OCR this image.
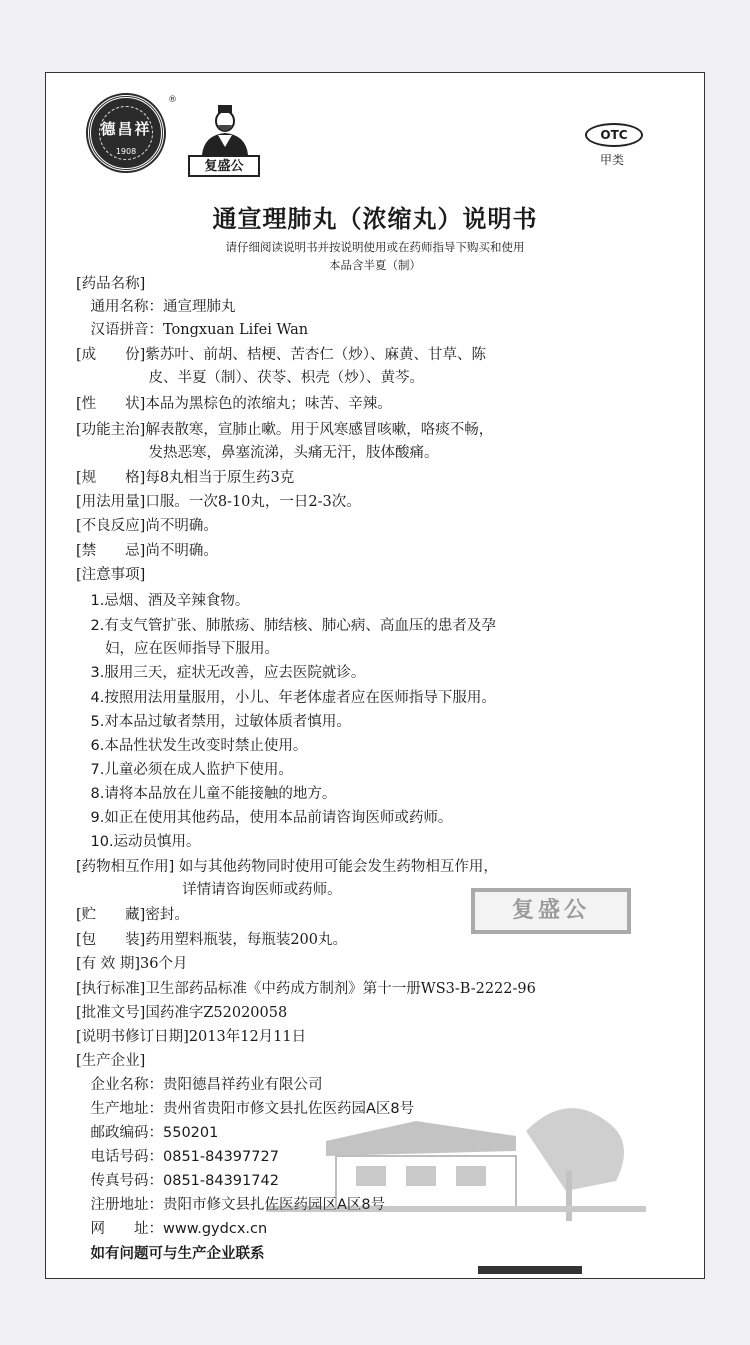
德昌祥
1908
®
复盛公
OTC
甲类
通宣理肺丸（浓缩丸）说明书
请仔细阅读说明书并按说明使用或在药师指导下购买和使用
本品含半夏（制）
[药品名称]
　通用名称：通宣理肺丸
　汉语拼音：Tongxuan Lifei Wan
[成　　份]紫苏叶、前胡、桔梗、苦杏仁（炒）、麻黄、甘草、陈
　　　　　皮、半夏（制）、茯苓、枳壳（炒）、黄芩。
[性　　状]本品为黑棕色的浓缩丸；味苦、辛辣。
[功能主治]解表散寒，宣肺止嗽。用于风寒感冒咳嗽，咯痰不畅，
　　　　　发热恶寒，鼻塞流涕，头痛无汗，肢体酸痛。
[规　　格]每8丸相当于原生药3克
[用法用量]口服。一次8-10丸，一日2-3次。
[不良反应]尚不明确。
[禁　　忌]尚不明确。
[注意事项]
　1.忌烟、酒及辛辣食物。
　2.有支气管扩张、肺脓疡、肺结核、肺心病、高血压的患者及孕
　　妇，应在医师指导下服用。
　3.服用三天，症状无改善，应去医院就诊。
　4.按照用法用量服用，小儿、年老体虚者应在医师指导下服用。
　5.对本品过敏者禁用，过敏体质者慎用。
　6.本品性状发生改变时禁止使用。
　7.儿童必须在成人监护下使用。
　8.请将本品放在儿童不能接触的地方。
　9.如正在使用其他药品，使用本品前请咨询医师或药师。
　10.运动员慎用。
[药物相互作用] 如与其他药物同时使用可能会发生药物相互作用，
　　　　　　　 详情请咨询医师或药师。
[贮　　藏]密封。
[包　　装]药用塑料瓶装，每瓶装200丸。
[有 效 期]36个月
[执行标准]卫生部药品标准《中药成方制剂》第十一册WS3-B-2222-96
[批准文号]国药准字Z52020058
[说明书修订日期]2013年12月11日
[生产企业]
　企业名称：贵阳德昌祥药业有限公司
　生产地址：贵州省贵阳市修文县扎佐医药园A区8号
　邮政编码：550201
　电话号码：0851-84397727
　传真号码：0851-84391742
　注册地址：贵阳市修文县扎佐医药园区A区8号
　网　　址：www.gydcx.cn
　如有问题可与生产企业联系
复盛公
